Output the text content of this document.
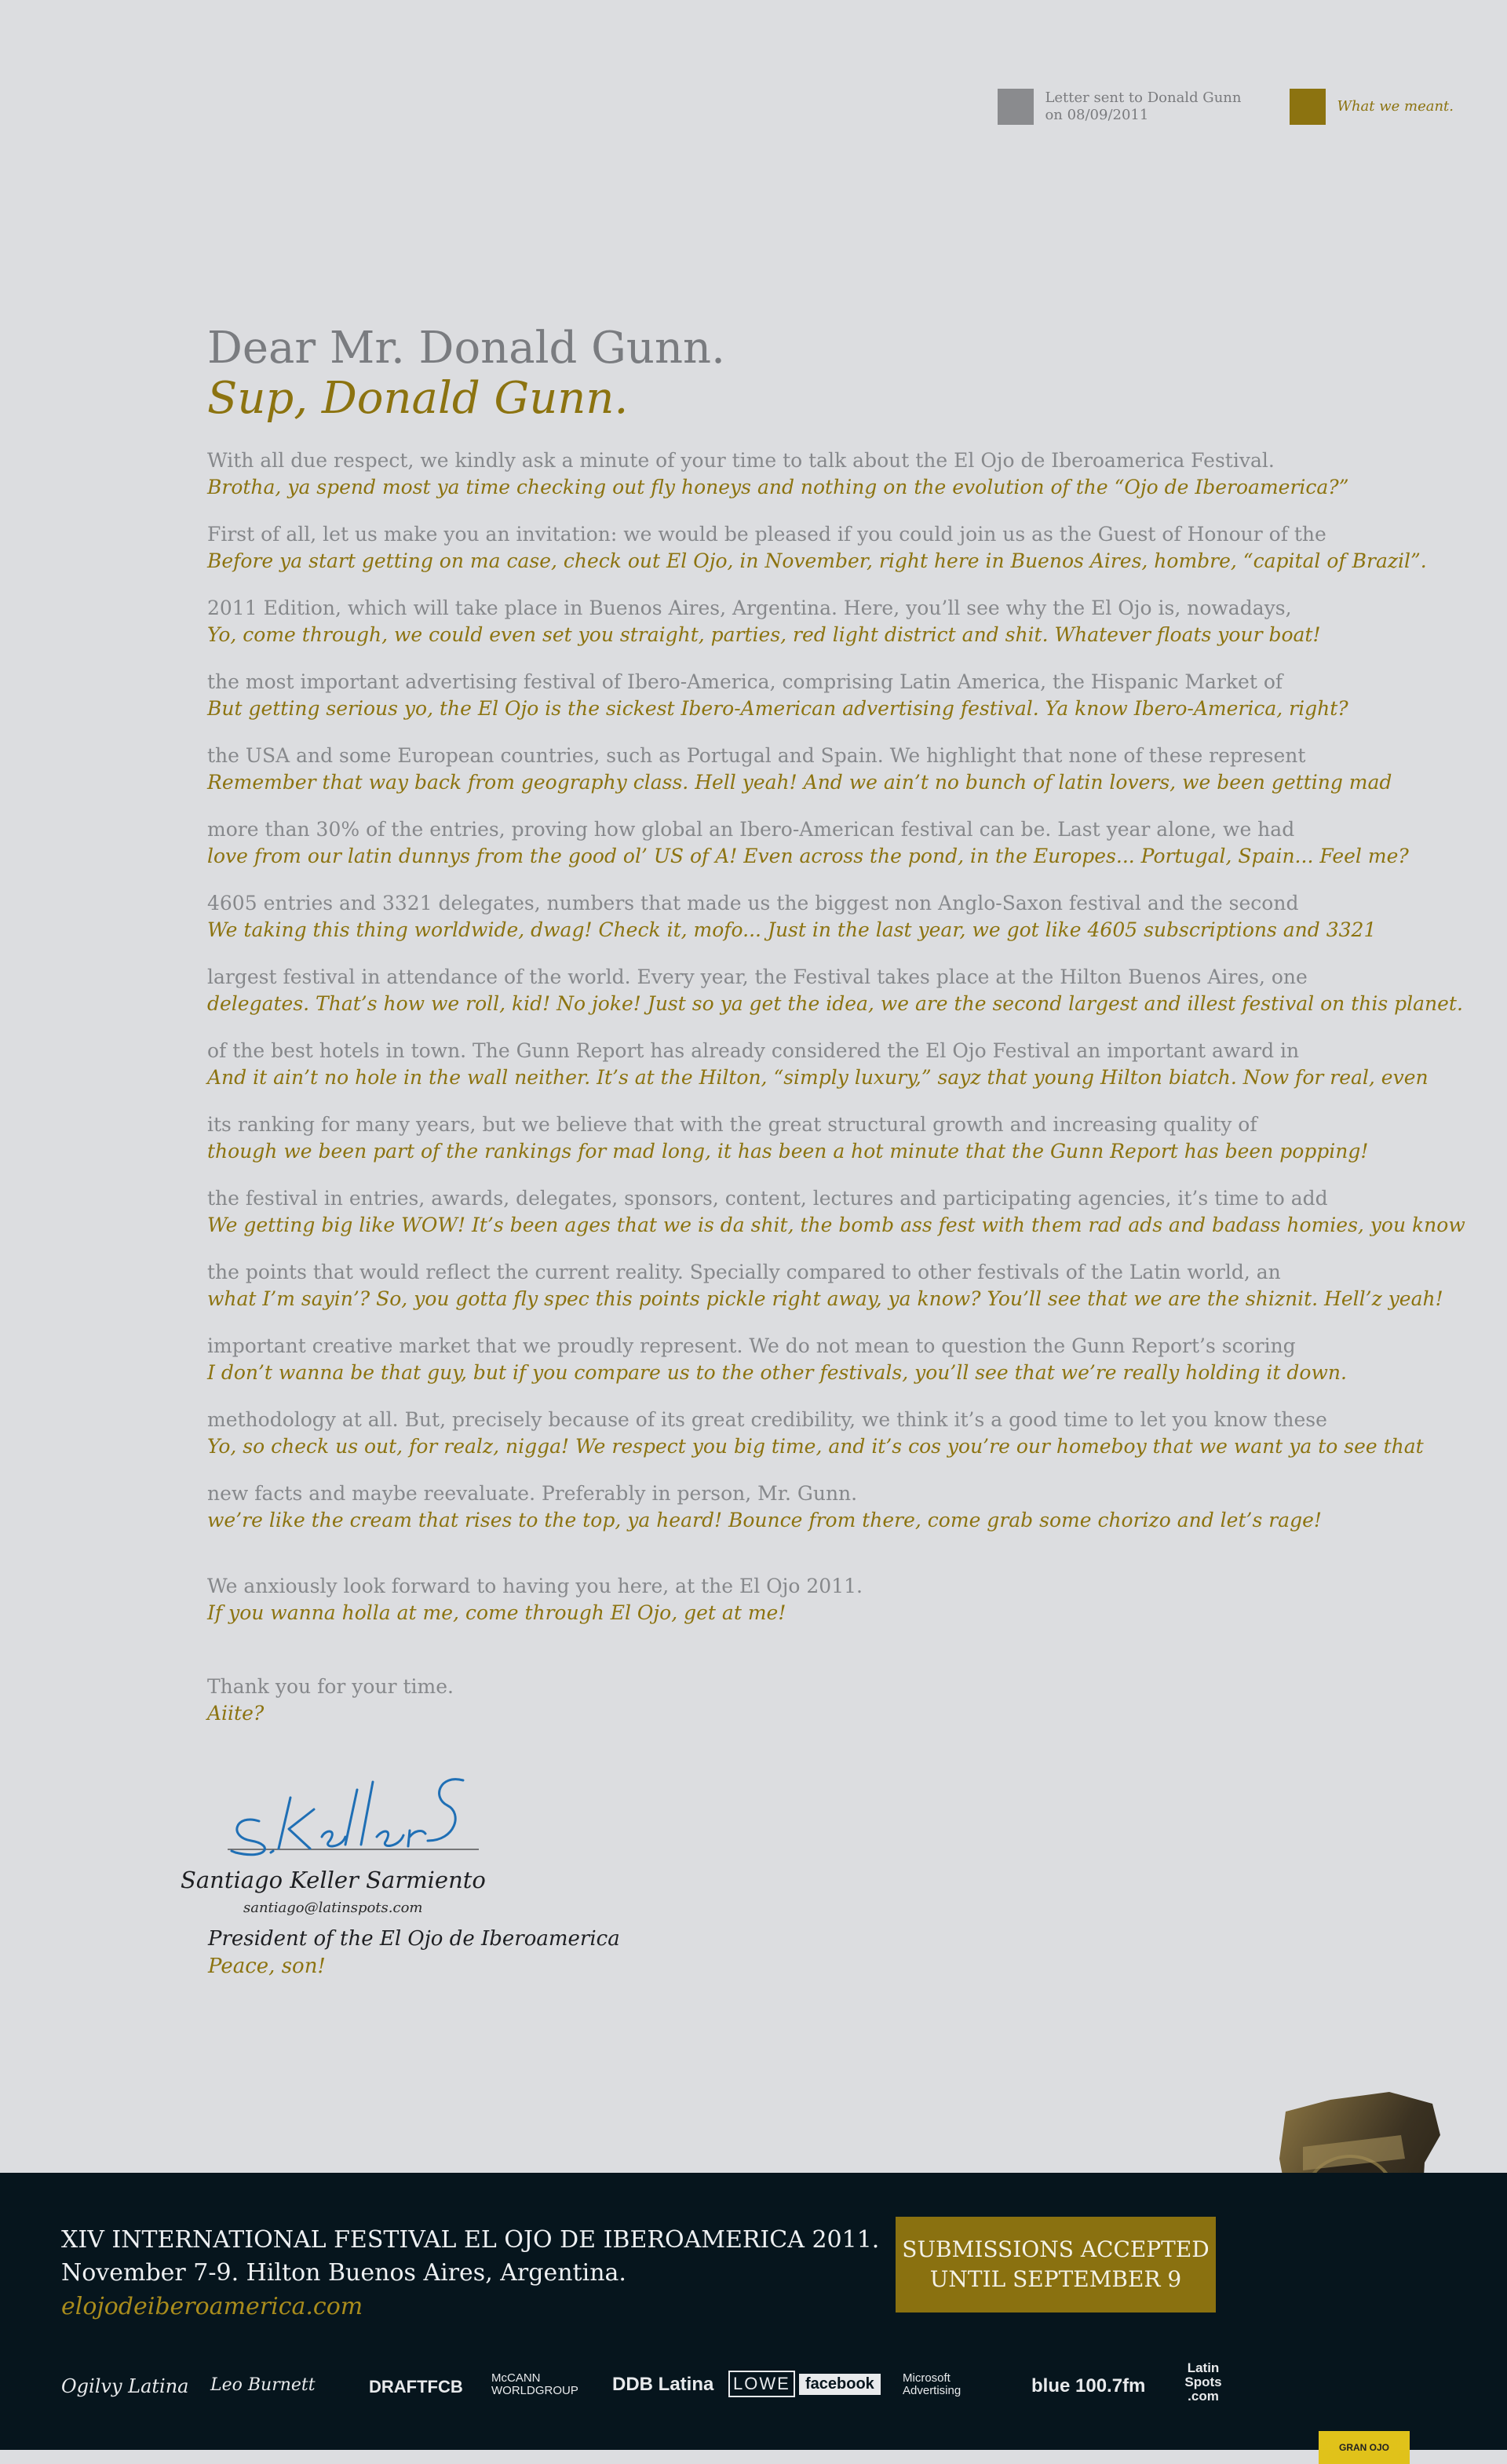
Letter sent to Donald Gunn on 08/09/2011
What we meant.
Dear Mr. Donald Gunn.
Sup, Donald Gunn.
With all due respect, we kindly ask a minute of your time to talk about the El Ojo de Iberoamerica Festival.
Brotha, ya spend most ya time checking out fly honeys and nothing on the evolution of the “Ojo de Iberoamerica?”
First of all, let us make you an invitation: we would be pleased if you could join us as the Guest of Honour of the
Before ya start getting on ma case, check out El Ojo, in November, right here in Buenos Aires, hombre, “capital of Brazil”.
2011 Edition, which will take place in Buenos Aires, Argentina. Here, you’ll see why the El Ojo is, nowadays,
Yo, come through, we could even set you straight, parties, red light district and shit. Whatever floats your boat!
the most important advertising festival of Ibero-America, comprising Latin America, the Hispanic Market of
But getting serious yo, the El Ojo is the sickest Ibero-American advertising festival. Ya know Ibero-America, right?
the USA and some European countries, such as Portugal and Spain. We highlight that none of these represent
Remember that way back from geography class. Hell yeah! And we ain’t no bunch of latin lovers, we been getting mad
more than 30% of the entries, proving how global an Ibero-American festival can be. Last year alone, we had
love from our latin dunnys from the good ol’ US of A! Even across the pond, in the Europes... Portugal, Spain... Feel me?
4605 entries and 3321 delegates, numbers that made us the biggest non Anglo-Saxon festival and the second
We taking this thing worldwide, dwag! Check it, mofo... Just in the last year, we got like 4605 subscriptions and 3321
largest festival in attendance of the world. Every year, the Festival takes place at the Hilton Buenos Aires, one
delegates. That’s how we roll, kid! No joke! Just so ya get the idea, we are the second largest and illest festival on this planet.
of the best hotels in town. The Gunn Report has already considered the El Ojo Festival an important award in
And it ain’t no hole in the wall neither. It’s at the Hilton, “simply luxury,” sayz that young Hilton biatch. Now for real, even
its ranking for many years, but we believe that with the great structural growth and increasing quality of
though we been part of the rankings for mad long, it has been a hot minute that the Gunn Report has been popping!
the festival in entries, awards, delegates, sponsors, content, lectures and participating agencies, it’s time to add
We getting big like WOW! It’s been ages that we is da shit, the bomb ass fest with them rad ads and badass homies, you know
the points that would reflect the current reality. Specially compared to other festivals of the Latin world, an
what I’m sayin’? So, you gotta fly spec this points pickle right away, ya know? You’ll see that we are the shiznit. Hell’z yeah!
important creative market that we proudly represent. We do not mean to question the Gunn Report’s scoring
I don’t wanna be that guy, but if you compare us to the other festivals, you’ll see that we’re really holding it down.
methodology at all. But, precisely because of its great credibility, we think it’s a good time to let you know these
Yo, so check us out, for realz, nigga! We respect you big time, and it’s cos you’re our homeboy that we want ya to see that
new facts and maybe reevaluate. Preferably in person, Mr. Gunn.
we’re like the cream that rises to the top, ya heard! Bounce from there, come grab some chorizo and let’s rage!
We anxiously look forward to having you here, at the El Ojo 2011.
If you wanna holla at me, come through El Ojo, get at me!
Thank you for your time.
Aiite?
Santiago Keller Sarmiento
santiago@latinspots.com
President of the El Ojo de Iberoamerica
Peace, son!
XIV INTERNATIONAL FESTIVAL EL OJO DE IBEROAMERICA 2011.
November 7-9. Hilton Buenos Aires, Argentina.
elojodeiberoamerica.com
SUBMISSIONS ACCEPTED
UNTIL SEPTEMBER 9
Ogilvy Latina Leo Burnett	DRAFTFCB McCANN WORLDGROUP	DDB Latina LOWE facebook	Microsoft Advertising	blue 100.7fm
Latin Spots .com
GRAN OJO
